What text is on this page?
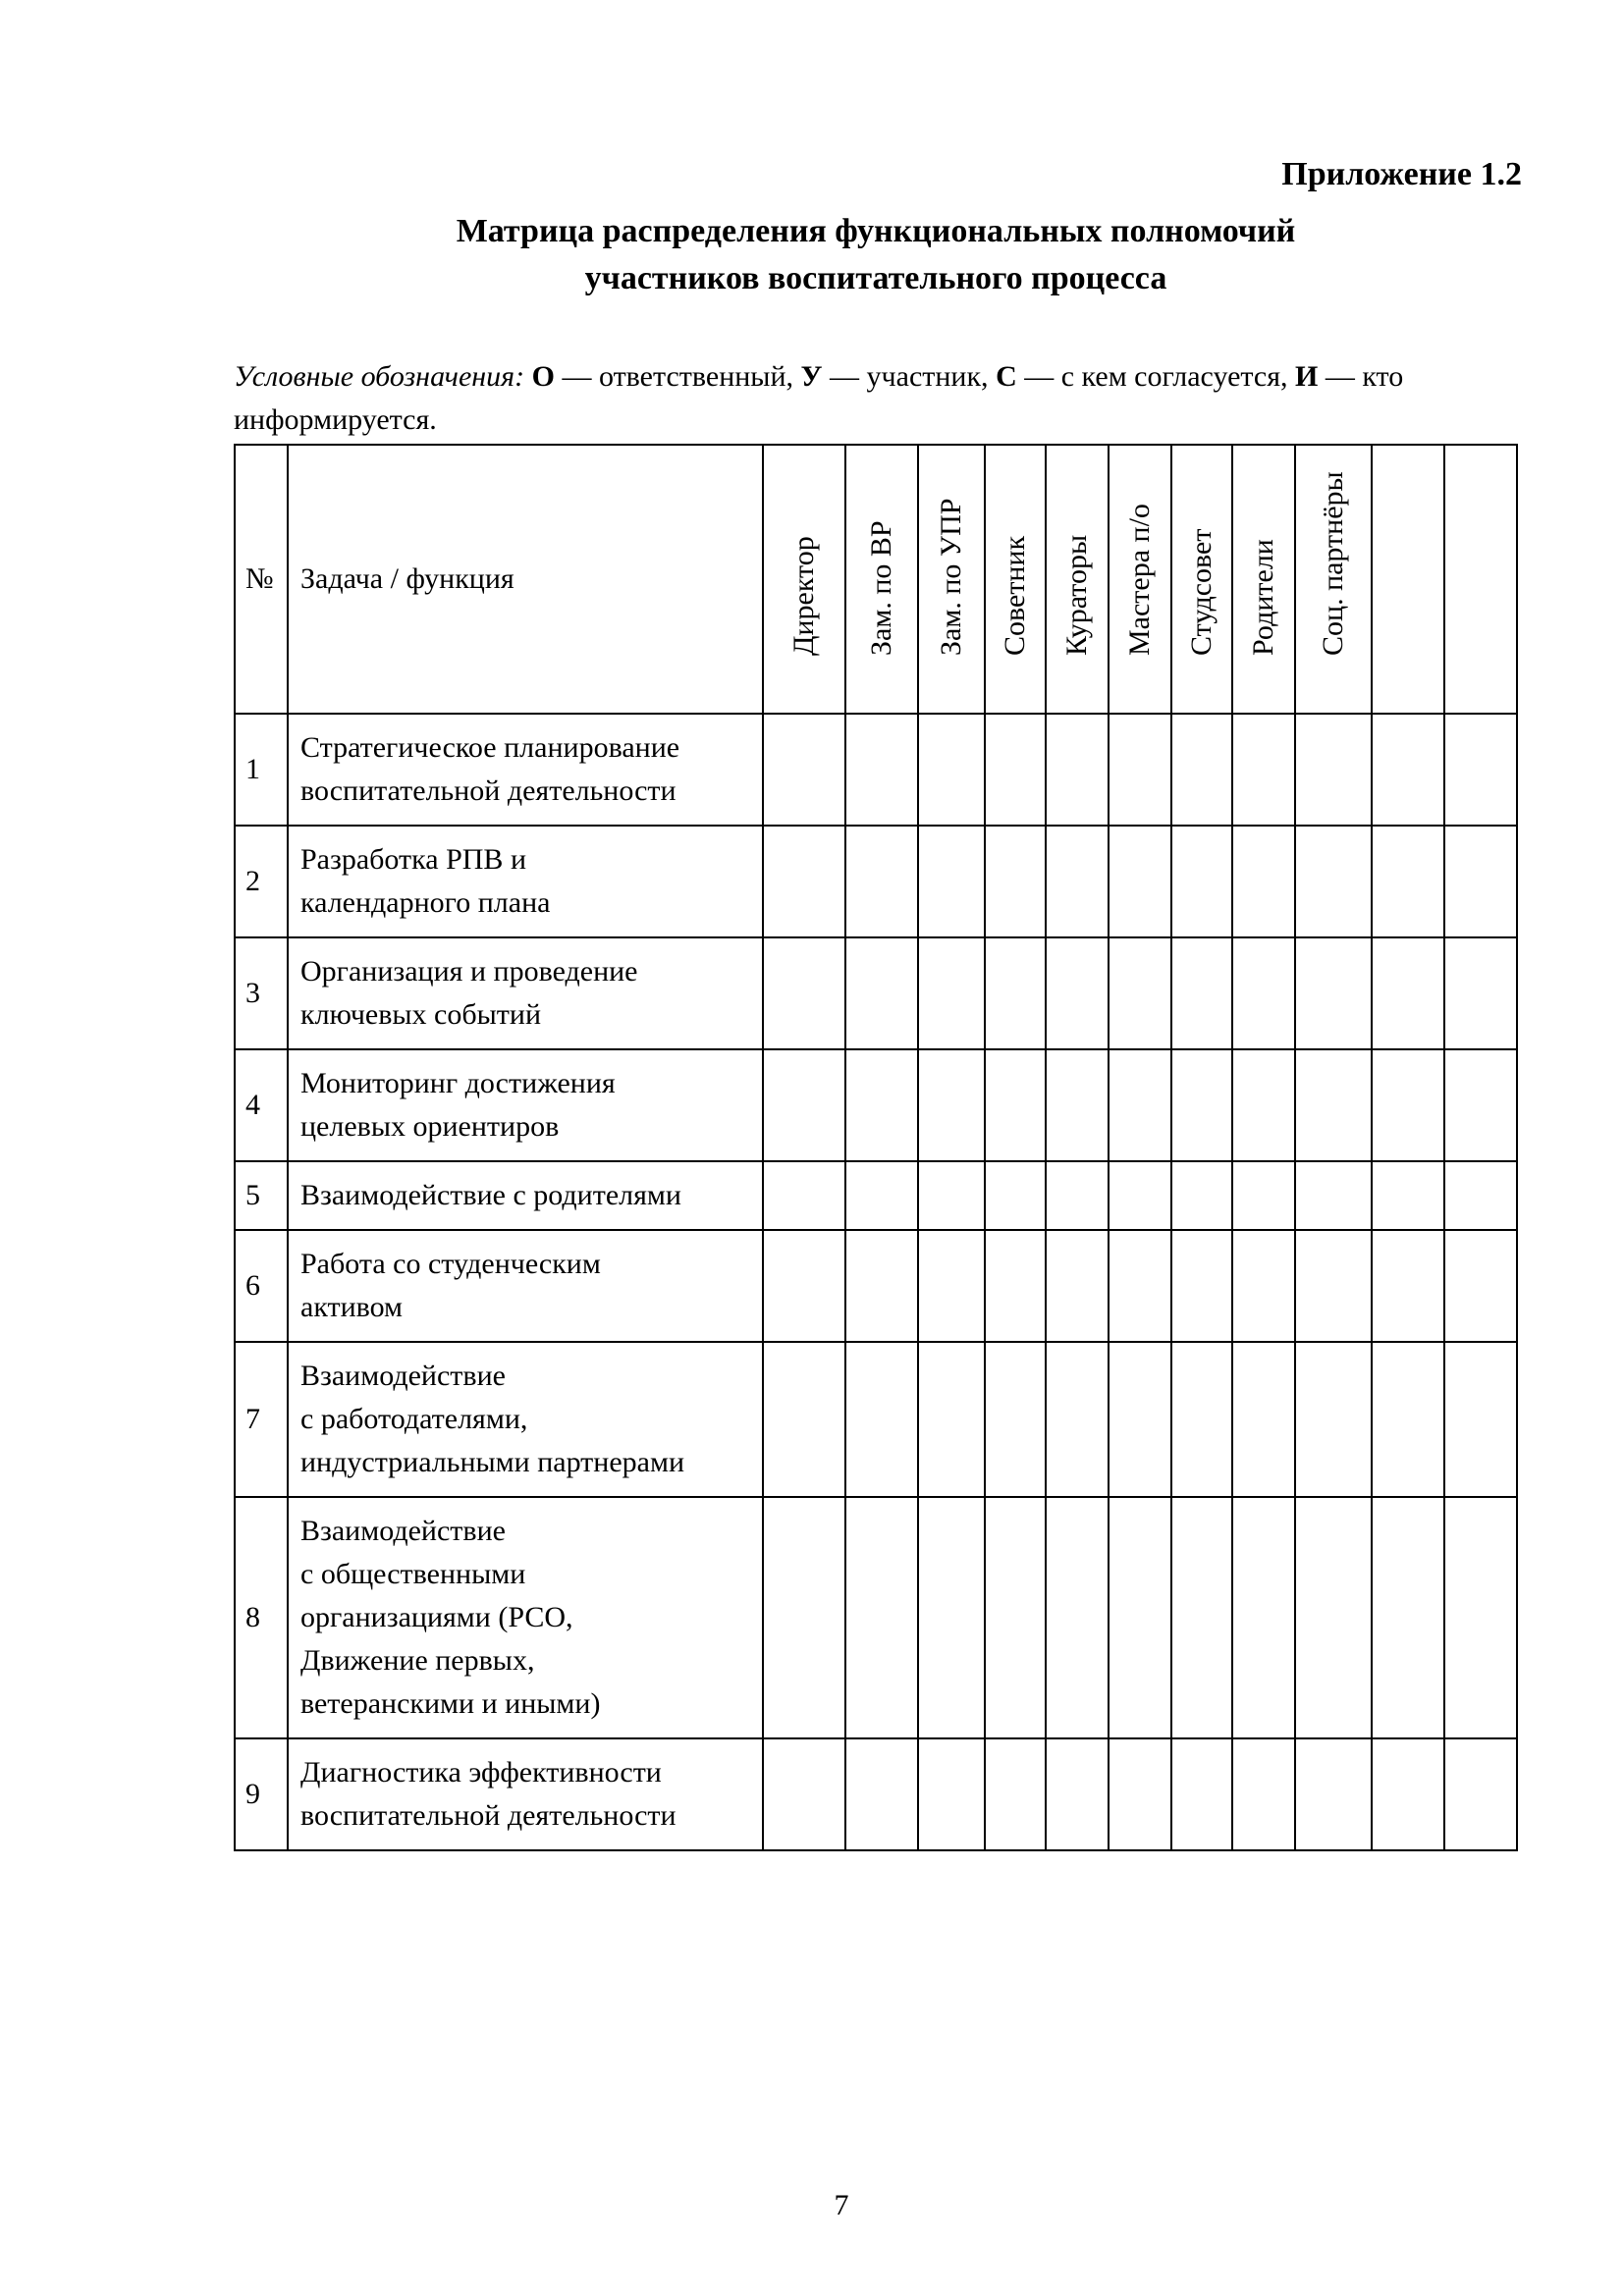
Приложение 1.2
Матрица распределения функциональных полномочий
участников воспитательного процесса
Условные обозначения: О — ответственный, У — участник, С — с кем согласуется, И — кто информируется.
№	Задача / функция	Директор	Зам. по ВР	Зам. по УПР	Советник	Кураторы	Мастера п/о	Студсовет	Родители	Соц. партнёры		

1	Стратегическое планирование
воспитательной деятельности											

2	Разработка РПВ и
календарного плана											

3	Организация и проведение
ключевых событий											

4	Мониторинг достижения
целевых ориентиров											

5	Взаимодействие с родителями											

6	Работа со студенческим
активом											

7	Взаимодействие
с работодателями,
индустриальными партнерами											

8	Взаимодействие
с общественными
организациями (РСО,
Движение первых,
ветеранскими и иными)											

9	Диагностика эффективности
воспитательной деятельности											

7
